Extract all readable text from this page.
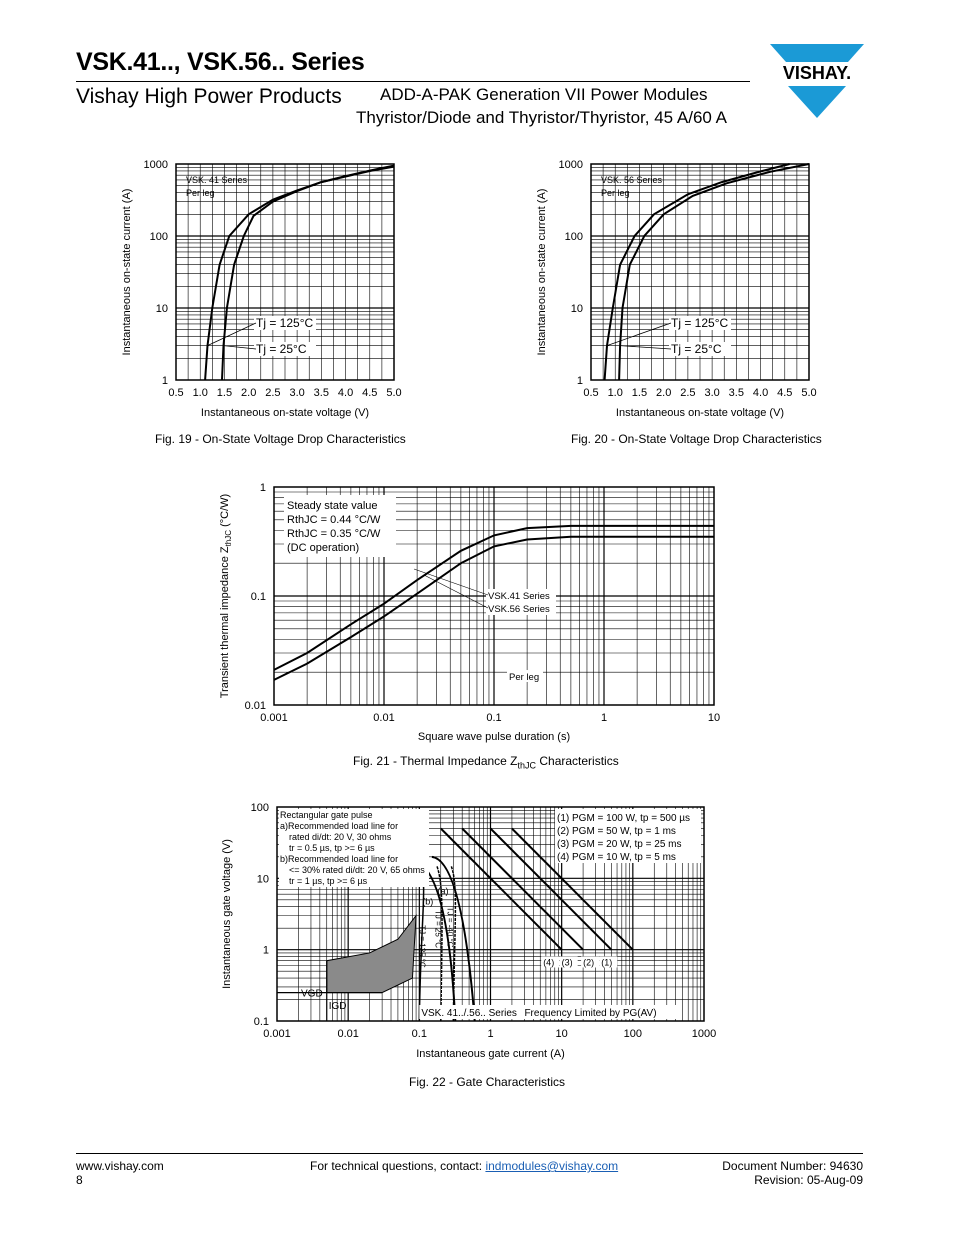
VSK.41.., VSK.56.. Series
Vishay High Power Products ADD-A-PAK Generation VII Power Modules
Thyristor/Diode and Thyristor/Thyristor, 45 A/60 A
VISHAY.
0.5 1.0 1.5 2.0 2.5 3.0 3.5 4.0 4.5 5.0
1
10
100
1000
VSK. 41 Series
Per leg
Tj = 125°C
Tj = 25°C
Instantaneous on-state voltage (V)
Instantaneous on-state current (A)
Fig. 19 - On-State Voltage Drop Characteristics
0.5 1.0 1.5 2.0 2.5 3.0 3.5 4.0 4.5 5.0
1
10
100
1000
VSK. 56 Series
Per leg
Tj = 125°C
Tj = 25°C
Instantaneous on-state voltage (V)
Instantaneous on-state current (A)
Fig. 20 - On-State Voltage Drop Characteristics
0.001	0.01	0.1	1	10
0.01
0.1
1
Steady state value
RthJC = 0.44 °C/W
RthJC = 0.35 °C/W
(DC operation)
VSK.41 Series
VSK.56 Series
Per leg
Square wave pulse duration (s)
Transient thermal impedance $Z_{thJC}$ (°C/W)
Fig. 21 - Thermal Impedance $Z_{thJC}$ Characteristics
0.001	0.01	0.1	1	10	100	1000
0.1
1
10
100
Rectangular gate pulse
a)Recommended load line for
rated di/dt: 20 V, 30 ohms
tr = 0.5 µs, tp >= 6 µs
b)Recommended load line for
<= 30% rated di/dt: 20 V, 65 ohms
tr = 1 µs, tp >= 6 µs
(1) PGM = 100 W, tp = 500 µs
(2) PGM = 50 W, tp = 1 ms
(3) PGM = 20 W, tp = 25 ms
(4) PGM = 10 W, tp = 5 ms
(a)
(b)
TJ = -40 °C
TJ = 25 °C
TJ = 125 °C	(4) (3) (2) (1)
VGD
IGD
VSK. 41../.56.. Series Frequency Limited by PG(AV)
Instantaneous gate current (A)
Instantaneous gate voltage (V)
Fig. 22 - Gate Characteristics
www.vishay.com
8
For technical questions, contact: indmodules@vishay.com	Document Number: 94630
Revision: 05-Aug-09
